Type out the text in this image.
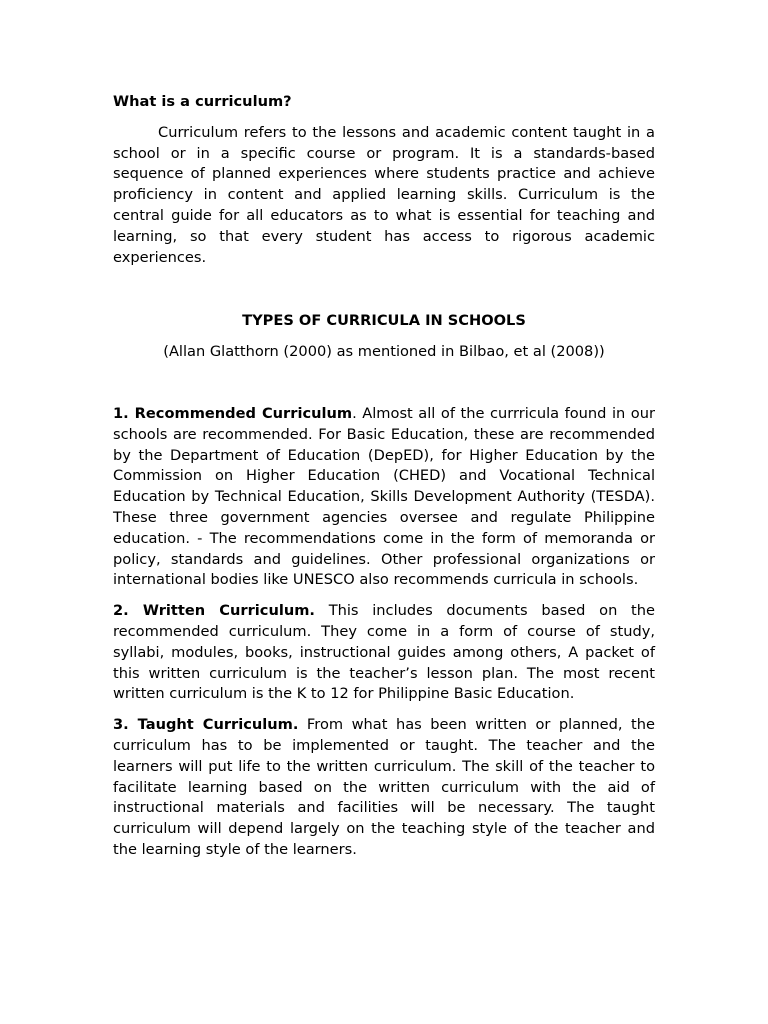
What is a curriculum?

Curriculum refers to the lessons and academic content taught in a school or in a specific course or program. It is a standards-based sequence of planned experiences where students practice and achieve proficiency in content and applied learning skills. Curriculum is the central guide for all educators as to what is essential for teaching and learning, so that every student has access to rigorous academic experiences.

TYPES OF CURRICULA IN SCHOOLS

(Allan Glatthorn (2000) as mentioned in Bilbao, et al (2008))

1. Recommended Curriculum. Almost all of the currricula found in our schools are recommended. For Basic Education, these are recommended by the Department of Education (DepED), for Higher Education by the Commission on Higher Education (CHED) and Vocational Technical Education by Technical Education, Skills Development Authority (TESDA). These three government agencies oversee and regulate Philippine education. - The recommendations come in the form of memoranda or policy, standards and guidelines. Other professional organizations or international bodies like UNESCO also recommends curricula in schools.

2. Written Curriculum. This includes documents based on the recommended curriculum. They come in a form of course of study, syllabi, modules, books, instructional guides among others, A packet of this written curriculum is the teacher’s lesson plan. The most recent written curriculum is the K to 12 for Philippine Basic Education.

3. Taught Curriculum. From what has been written or planned, the curriculum has to be implemented or taught. The teacher and the learners will put life to the written curriculum. The skill of the teacher to facilitate learning based on the written curriculum with the aid of instructional materials and facilities will be necessary. The taught curriculum will depend largely on the teaching style of the teacher and the learning style of the learners.
